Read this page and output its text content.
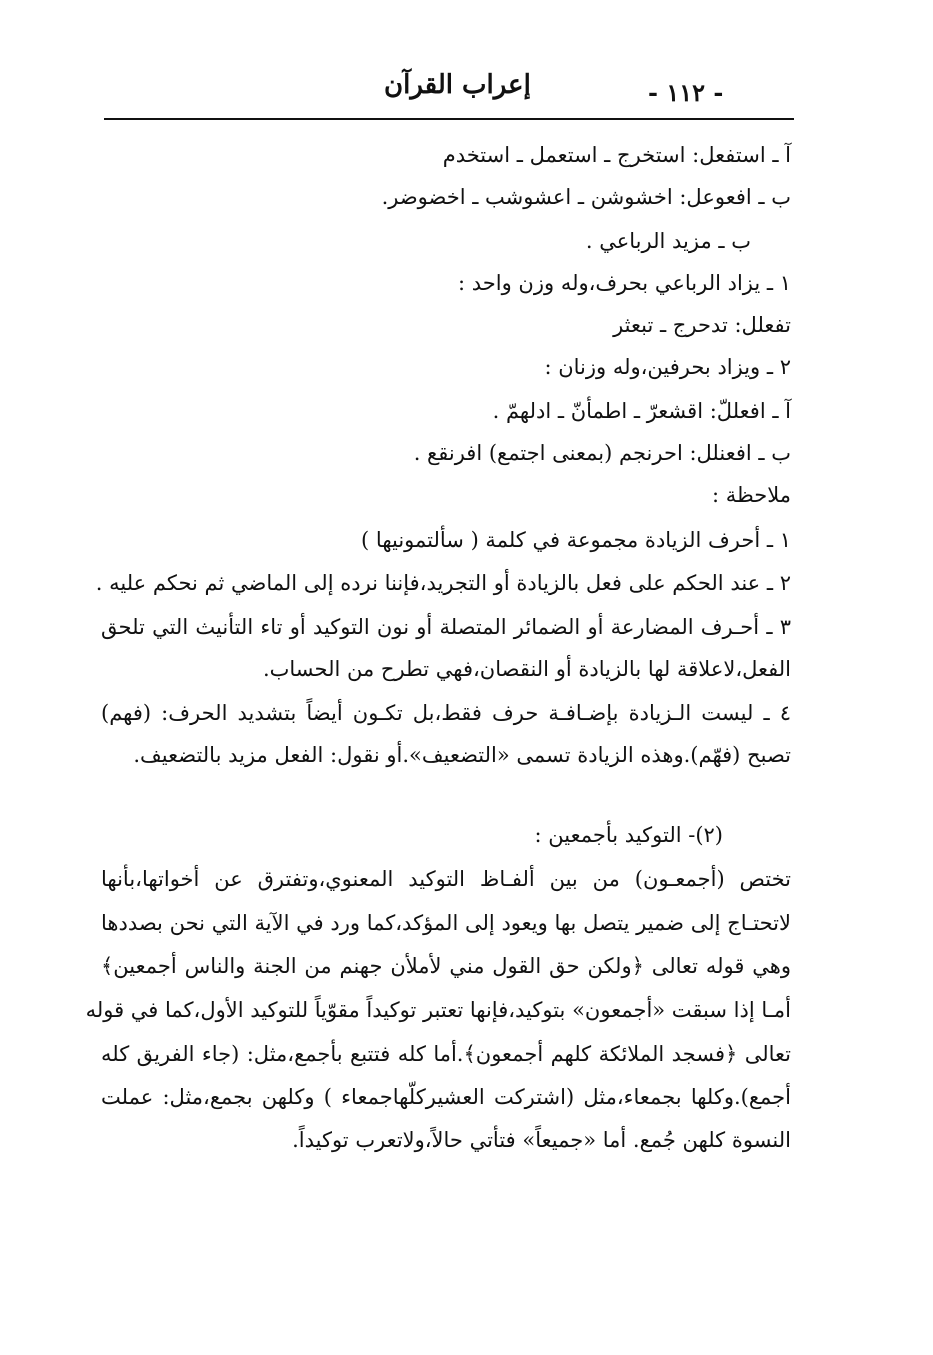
- ١١٢ -
إعراب القرآن
آ ـ استفعل: استخرج ـ استعمل ـ استخدم
ب ـ افعوعل: اخشوشن ـ اعشوشب ـ اخضوضر.
ب ـ مزيد الرباعي .
١ ـ يزاد الرباعي بحرف،وله وزن واحد :
تفعلل: تدحرج ـ تبعثر
٢ ـ ويزاد بحرفين،وله وزنان :
آ ـ افعللّ: اقشعرّ ـ اطمأنّ ـ ادلهمّ .
ب ـ افعنلل: احرنجم (بمعنى اجتمع) افرنقع .
ملاحظة :
١ ـ أحرف الزيادة مجموعة في كلمة ( سألتمونيها )
٢ ـ عند الحكم على فعل بالزيادة أو التجريد،فإننا نرده إلى الماضي ثم نحكم عليه .
٣ ـ أحـرف المضارعة أو الضمائر المتصلة أو نون التوكيد أو تاء التأنيث التي تلحق
الفعل،لاعلاقة لها بالزيادة أو النقصان،فهي تطرح من الحساب.
٤ ـ ليست الـزيادة بإضـافـة حرف فقط،بل تكـون أيضاً بتشديد الحرف: (فهم)
تصبح (فهّم).وهذه الزيادة تسمى «التضعيف».أو نقول: الفعل مزيد بالتضعيف.
(٢)- التوكيد بأجمعين :
تختص (أجمعـون) من بين ألفـاظ التوكيد المعنوي،وتفترق عن أخواتها،بأنها
لاتحتـاج إلى ضمير يتصل بها ويعود إلى المؤكد،كما ورد في الآية التي نحن بصددها
وهي قوله تعالى ﴿ولكن حق القول مني لأملأن جهنم من الجنة والناس أجمعين﴾
أمـا إذا سبقت «أجمعون» بتوكيد،فإنها تعتبر توكيداً مقوّياً للتوكيد الأول،كما في قوله
تعالى ﴿فسجد الملائكة كلهم أجمعون﴾.أما كله فتتبع بأجمع،مثل: (جاء الفريق كله
أجمع).وكلها بجمعاء،مثل (اشتركت العشيركلّهاجمعاء ) وكلهن بجمع،مثل: عملت
النسوة كلهن جُمع. أما «جميعاً» فتأتي حالاً،ولاتعرب توكيداً.
